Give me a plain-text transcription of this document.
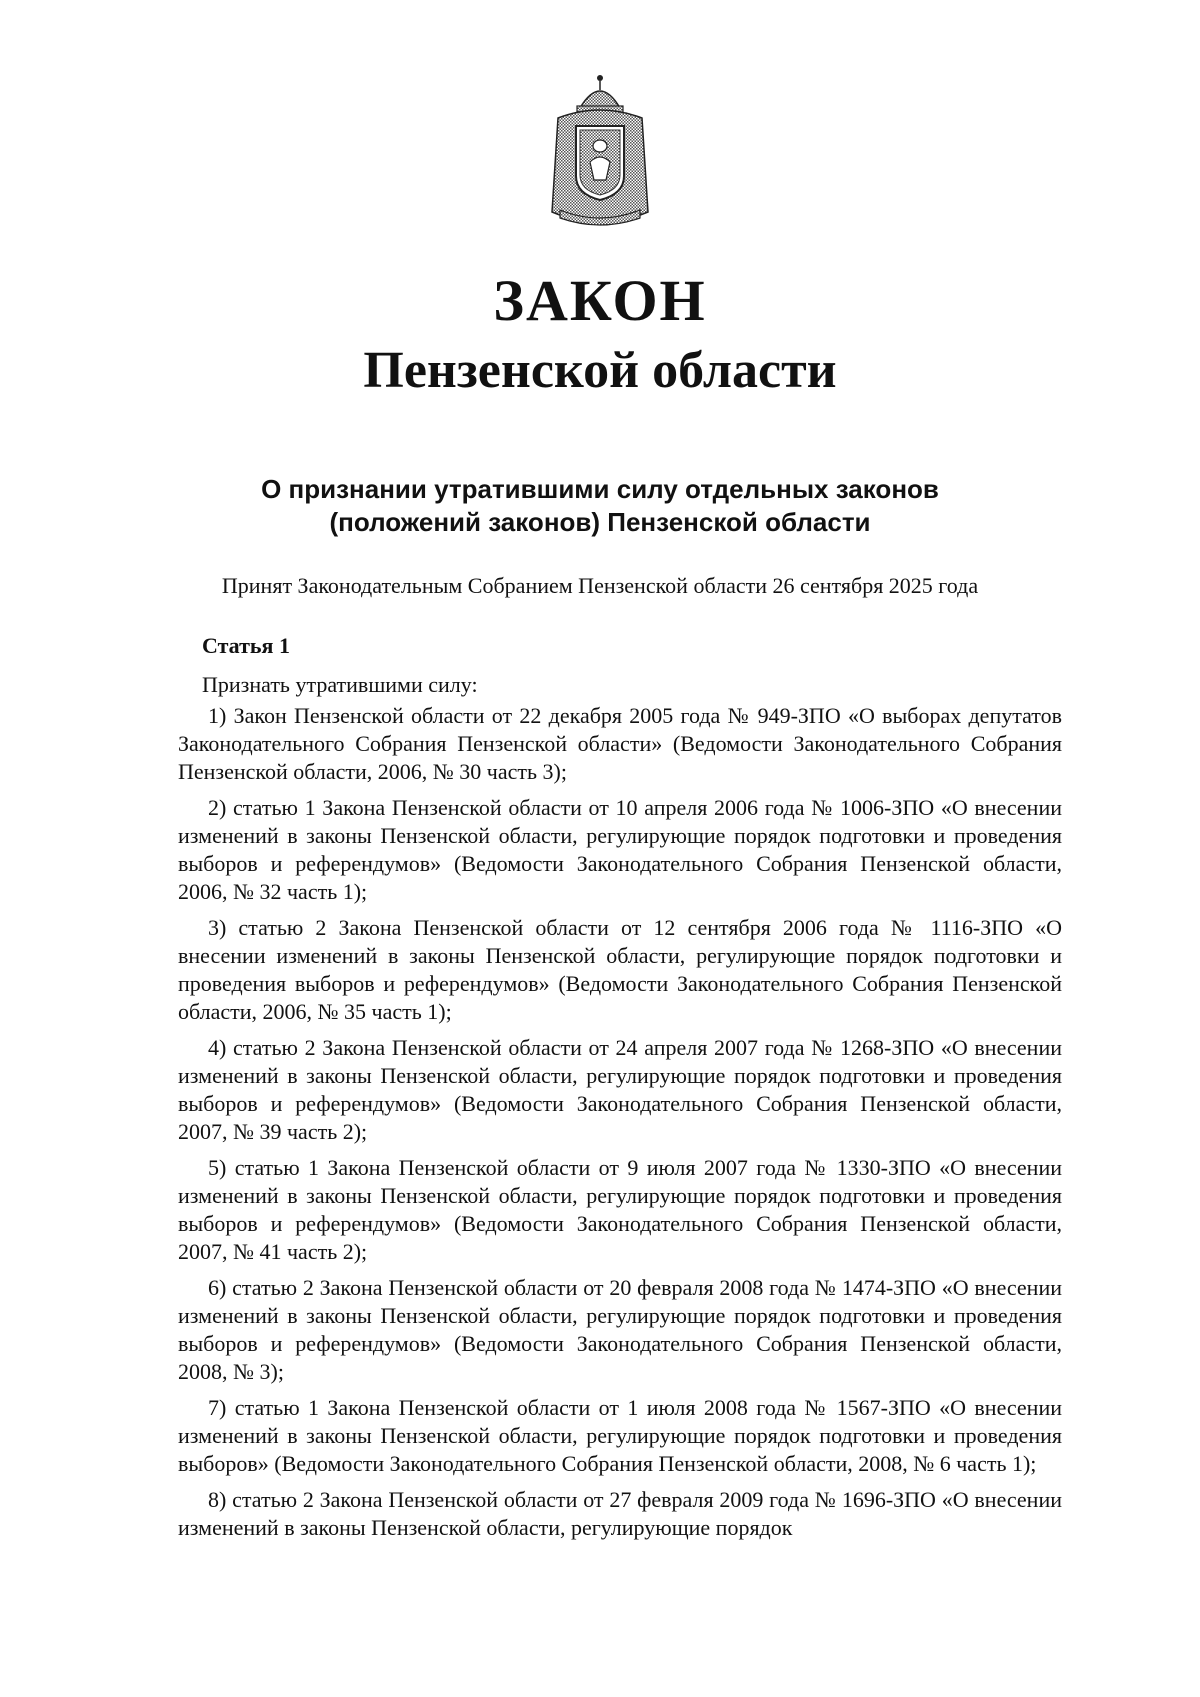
ЗАКОН
Пензенской области
О признании утратившими силу отдельных законов
(положений законов) Пензенской области
Принят Законодательным Собранием Пензенской области 26 сентября 2025 года
Статья 1
Признать утратившими силу:

1) Закон Пензенской области от 22 декабря 2005 года № 949-ЗПО «О выборах депутатов Законодательного Собрания Пензенской области» (Ведомости Законодательного Собрания Пензенской области, 2006, № 30 часть 3);

2) статью 1 Закона Пензенской области от 10 апреля 2006 года № 1006-ЗПО «О внесении изменений в законы Пензенской области, регулирующие порядок подготовки и проведения выборов и референдумов» (Ведомости Законодательного Собрания Пензенской области, 2006, № 32 часть 1);

3) статью 2 Закона Пензенской области от 12 сентября 2006 года № 1116-ЗПО «О внесении изменений в законы Пензенской области, регулирующие порядок подготовки и проведения выборов и референдумов» (Ведомости Законодательного Собрания Пензенской области, 2006, № 35 часть 1);

4) статью 2 Закона Пензенской области от 24 апреля 2007 года № 1268-ЗПО «О внесении изменений в законы Пензенской области, регулирующие порядок подготовки и проведения выборов и референдумов» (Ведомости Законодательного Собрания Пензенской области, 2007, № 39 часть 2);

5) статью 1 Закона Пензенской области от 9 июля 2007 года № 1330-ЗПО «О внесении изменений в законы Пензенской области, регулирующие порядок подготовки и проведения выборов и референдумов» (Ведомости Законодательного Собрания Пензенской области, 2007, № 41 часть 2);

6) статью 2 Закона Пензенской области от 20 февраля 2008 года № 1474-ЗПО «О внесении изменений в законы Пензенской области, регулирующие порядок подготовки и проведения выборов и референдумов» (Ведомости Законодательного Собрания Пензенской области, 2008, № 3);

7) статью 1 Закона Пензенской области от 1 июля 2008 года № 1567-ЗПО «О внесении изменений в законы Пензенской области, регулирующие порядок подготовки и проведения выборов» (Ведомости Законодательного Собрания Пензенской области, 2008, № 6 часть 1);

8) статью 2 Закона Пензенской области от 27 февраля 2009 года № 1696-ЗПО «О внесении изменений в законы Пензенской области, регулирующие порядок
